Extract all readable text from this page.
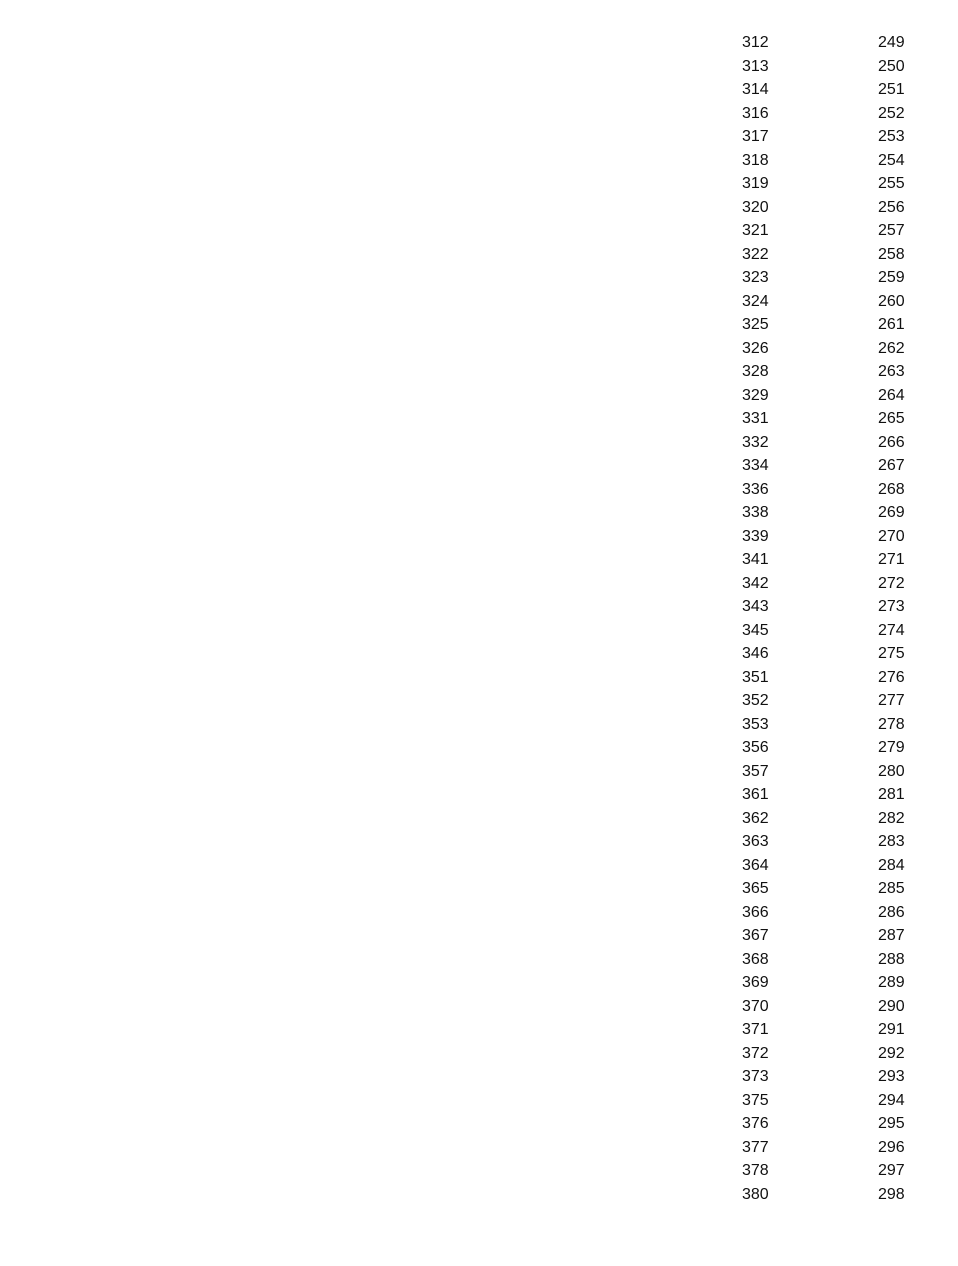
312	249
313	250
314	251
316	252
317	253
318	254
319	255
320	256
321	257
322	258
323	259
324	260
325	261
326	262
328	263
329	264
331	265
332	266
334	267
336	268
338	269
339	270
341	271
342	272
343	273
345	274
346	275
351	276
352	277
353	278
356	279
357	280
361	281
362	282
363	283
364	284
365	285
366	286
367	287
368	288
369	289
370	290
371	291
372	292
373	293
375	294
376	295
377	296
378	297
380	298
